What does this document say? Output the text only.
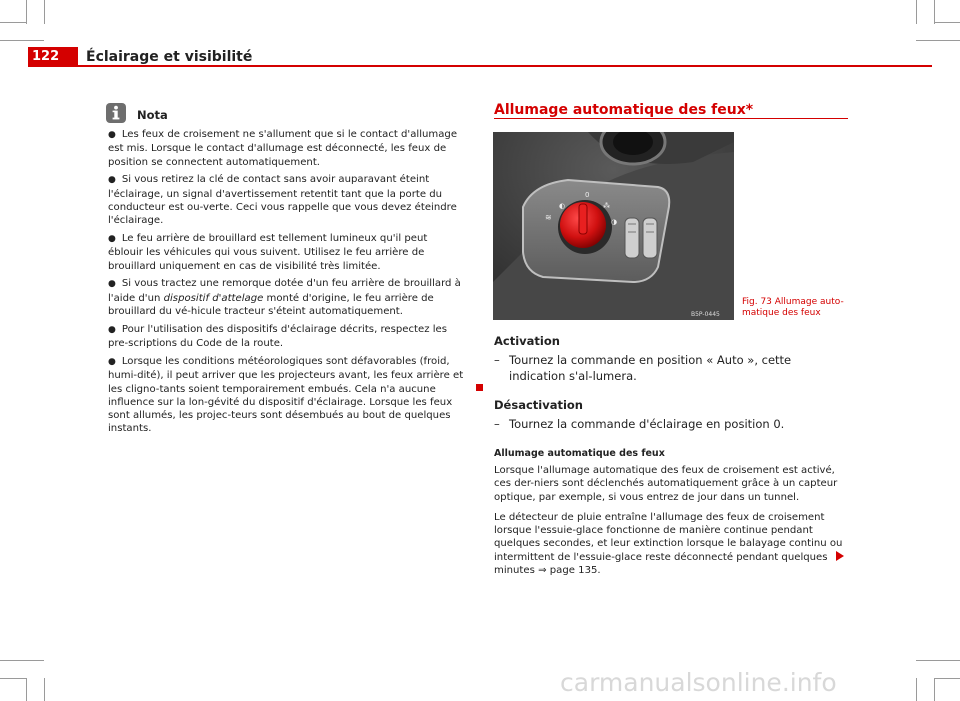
122	Éclairage et visibilité
Nota

● Les feux de croisement ne s'allument que si le contact d'allumage est mis. Lorsque le contact d'allumage est déconnecté, les feux de position se connectent automatiquement.

● Si vous retirez la clé de contact sans avoir auparavant éteint l'éclairage, un signal d'avertissement retentit tant que la porte du conducteur est ou-verte. Ceci vous rappelle que vous devez éteindre l'éclairage.

● Le feu arrière de brouillard est tellement lumineux qu'il peut éblouir les véhicules qui vous suivent. Utilisez le feu arrière de brouillard uniquement en cas de visibilité très limitée.

● Si vous tractez une remorque dotée d'un feu arrière de brouillard à l'aide d'un dispositif d'attelage monté d'origine, le feu arrière de brouillard du vé-hicule tracteur s'éteint automatiquement.

● Pour l'utilisation des dispositifs d'éclairage décrits, respectez les pre-scriptions du Code de la route.

● Lorsque les conditions météorologiques sont défavorables (froid, humi-dité), il peut arriver que les projecteurs avant, les feux arrière et les cligno-tants soient temporairement embués. Cela n'a aucune influence sur la lon-gévité du dispositif d'éclairage. Lorsque les feux sont allumés, les projec-teurs sont désembués au bout de quelques instants.

Allumage automatique des feux*
0
⁂
◑
≋
◐
B5P-0445
Fig. 73 Allumage auto-
matique des feux

Activation

– Tournez la commande en position « Auto », cette indication s'al-lumera.

Désactivation

– Tournez la commande d'éclairage en position 0.

Allumage automatique des feux

Lorsque l'allumage automatique des feux de croisement est activé, ces der-niers sont déclenchés automatiquement grâce à un capteur optique, par exemple, si vous entrez de jour dans un tunnel.

Le détecteur de pluie entraîne l'allumage des feux de croisement lorsque l'essuie-glace fonctionne de manière continue pendant quelques secondes, et leur extinction lorsque le balayage continu ou intermittent de l'essuie-glace reste déconnecté pendant quelques minutes ⇒ page 135.

carmanualsonline.info
